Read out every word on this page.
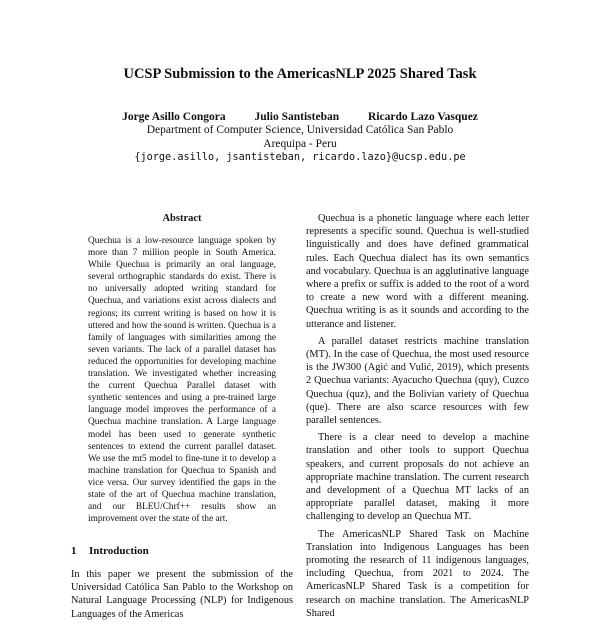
UCSP Submission to the AmericasNLP 2025 Shared Task
Jorge Asillo Congora	Julio Santisteban	Ricardo Lazo Vasquez
Department of Computer Science, Universidad Católica San Pablo
Arequipa - Peru
{jorge.asillo, jsantisteban, ricardo.lazo}@ucsp.edu.pe
Abstract

Quechua is a low-resource language spoken by more than 7 million people in South America. While Quechua is primarily an oral language, several orthographic standards do exist. There is no universally adopted writing standard for Quechua, and variations exist across dialects and regions; its current writing is based on how it is uttered and how the sound is written. Quechua is a family of languages with similarities among the seven variants. The lack of a parallel dataset has reduced the opportunities for developing machine translation. We investigated whether increasing the current Quechua Parallel dataset with synthetic sentences and using a pre-trained large language model improves the performance of a Quechua machine translation. A Large language model has been used to generate synthetic sentences to extend the current parallel dataset. We use the mt5 model to fine-tune it to develop a machine translation for Quechua to Spanish and vice versa. Our survey identified the gaps in the state of the art of Quechua machine translation, and our BLEU/Chrf++ results show an improvement over the state of the art.

1 Introduction
In this paper we present the submission of the Universidad Católica San Pablo to the Workshop on Natural Language Processing (NLP) for Indigenous Languages of the Americas

Quechua is a phonetic language where each letter represents a specific sound. Quechua is well-studied linguistically and does have defined grammatical rules. Each Quechua dialect has its own semantics and vocabulary. Quechua is an agglutinative language where a prefix or suffix is added to the root of a word to create a new word with a different meaning. Quechua writing is as it sounds and according to the utterance and listener.

A parallel dataset restricts machine translation (MT). In the case of Quechua, the most used resource is the JW300 (Agić and Vulić, 2019), which presents 2 Quechua variants: Ayacucho Quechua (quy), Cuzco Quechua (quz), and the Bolivian variety of Quechua (que). There are also scarce resources with few parallel sentences.

There is a clear need to develop a machine translation and other tools to support Quechua speakers, and current proposals do not achieve an appropriate machine translation. The current research and development of a Quechua MT lacks of an appropriate parallel dataset, making it more challenging to develop an Quechua MT.

The AmericasNLP Shared Task on Machine Translation into Indigenous Languages has been promoting the research of 11 indigenous languages, including Quechua, from 2021 to 2024. The AmericasNLP Shared Task is a competition for research on machine translation. The AmericasNLP Shared
